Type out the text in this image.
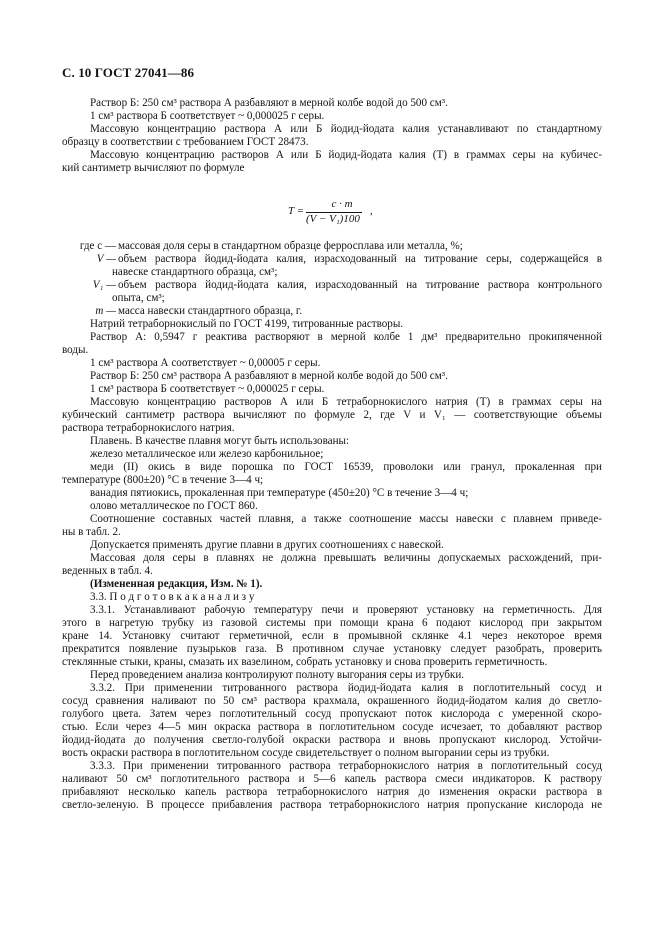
С. 10 ГОСТ 27041—86
Раствор Б: 250 см³ раствора А разбавляют в мерной колбе водой до 500 см³.
1 см³ раствора Б соответствует ~ 0,000025 г серы.
Массовую концентрацию раствора А или Б йодид-йодата калия устанавливают по стандартному
образцу в соответствии с требованием ГОСТ 28473.
Массовую концентрацию растворов А или Б йодид-йодата калия (T) в граммах серы на кубичес-
кий сантиметр вычисляют по формуле
T =
c · m
(V − V₁)100
,
где c — массовая доля серы в стандартном образце ферросплава или металла, %;
V — объем раствора йодид-йодата калия, израсходованный на титрование серы, содержащейся в
навеске стандартного образца, см³;
V₁ — объем раствора йодид-йодата калия, израсходованный на титрование раствора контрольного
опыта, см³;
m — масса навески стандартного образца, г.
Натрий тетраборнокислый по ГОСТ 4199, титрованные растворы.
Раствор А: 0,5947 г реактива растворяют в мерной колбе 1 дм³ предварительно прокипяченной
воды.
1 см³ раствора А соответствует ~ 0,00005 г серы.
Раствор Б: 250 см³ раствора А разбавляют в мерной колбе водой до 500 см³.
1 см³ раствора Б соответствует ~ 0,000025 г серы.
Массовую концентрацию растворов А или Б тетраборнокислого натрия (T) в граммах серы на
кубический сантиметр раствора вычисляют по формуле 2, где V и V₁ — соответствующие объемы
раствора тетраборнокислого натрия.
Плавень. В качестве плавня могут быть использованы:
железо металлическое или железо карбонильное;
меди (II) окись в виде порошка по ГОСТ 16539, проволоки или гранул, прокаленная при
температуре (800±20) °С в течение 3—4 ч;
ванадия пятиокись, прокаленная при температуре (450±20) °С в течение 3—4 ч;
олово металлическое по ГОСТ 860.
Соотношение составных частей плавня, а также соотношение массы навески с плавнем приведе-
ны в табл. 2.
Допускается применять другие плавни в других соотношениях с навеской.
Массовая доля серы в плавнях не должна превышать величины допускаемых расхождений, при-
веденных в табл. 4.
(Измененная редакция, Изм. № 1).
3.3. П о д г о т о в к а к а н а л и з у
3.3.1. Устанавливают рабочую температуру печи и проверяют установку на герметичность. Для
этого в нагретую трубку из газовой системы при помощи крана 6 подают кислород при закрытом
кране 14. Установку считают герметичной, если в промывной склянке 4.1 через некоторое время
прекратится появление пузырьков газа. В противном случае установку следует разобрать, проверить
стеклянные стыки, краны, смазать их вазелином, собрать установку и снова проверить герметичность.
Перед проведением анализа контролируют полноту выгорания серы из трубки.
3.3.2. При применении титрованного раствора йодид-йодата калия в поглотительный сосуд и
сосуд сравнения наливают по 50 см³ раствора крахмала, окрашенного йодид-йодатом калия до светло-
голубого цвета. Затем через поглотительный сосуд пропускают поток кислорода с умеренной скоро-
стью. Если через 4—5 мин окраска раствора в поглотительном сосуде исчезает, то добавляют раствор
йодид-йодата до получения светло-голубой окраски раствора и вновь пропускают кислород. Устойчи-
вость окраски раствора в поглотительном сосуде свидетельствует о полном выгорании серы из трубки.
3.3.3. При применении титрованного раствора тетраборнокислого натрия в поглотительный сосуд
наливают 50 см³ поглотительного раствора и 5—6 капель раствора смеси индикаторов. К раствору
прибавляют несколько капель раствора тетраборнокислого натрия до изменения окраски раствора в
светло-зеленую. В процессе прибавления раствора тетраборнокислого натрия пропускание кислорода не
